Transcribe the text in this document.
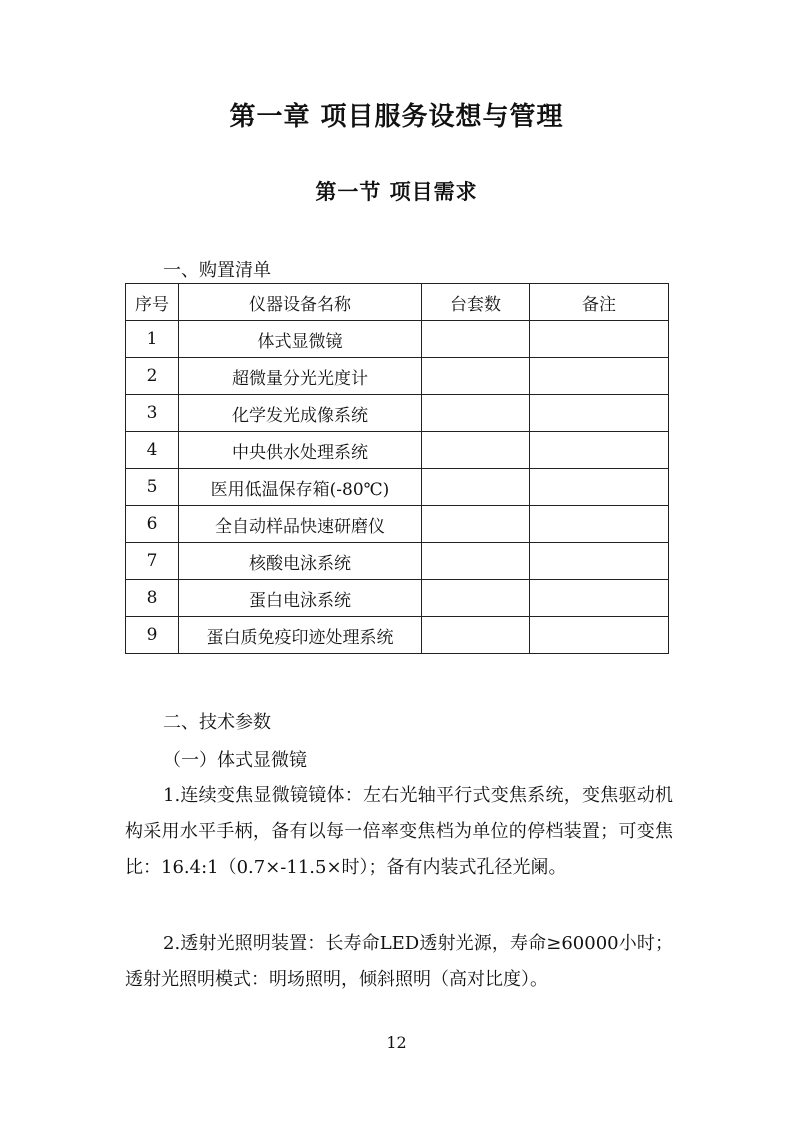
第一章 项目服务设想与管理
第一节 项目需求
一、购置清单
序号	仪器设备名称	台套数	备注
1	体式显微镜		
2	超微量分光光度计		
3	化学发光成像系统		
4	中央供水处理系统		
5	医用低温保存箱(-80℃)		
6	全自动样品快速研磨仪		
7	核酸电泳系统		
8	蛋白电泳系统		
9	蛋白质免疫印迹处理系统		
二、技术参数
（一）体式显微镜
1.连续变焦显微镜镜体：左右光轴平行式变焦系统，变焦驱动机构采用水平手柄，备有以每一倍率变焦档为单位的停档装置；可变焦比：16.4:1（0.7×-11.5×时）；备有内装式孔径光阑。
2.透射光照明装置：长寿命LED透射光源，寿命≥60000小时；透射光照明模式：明场照明，倾斜照明（高对比度）。
12
